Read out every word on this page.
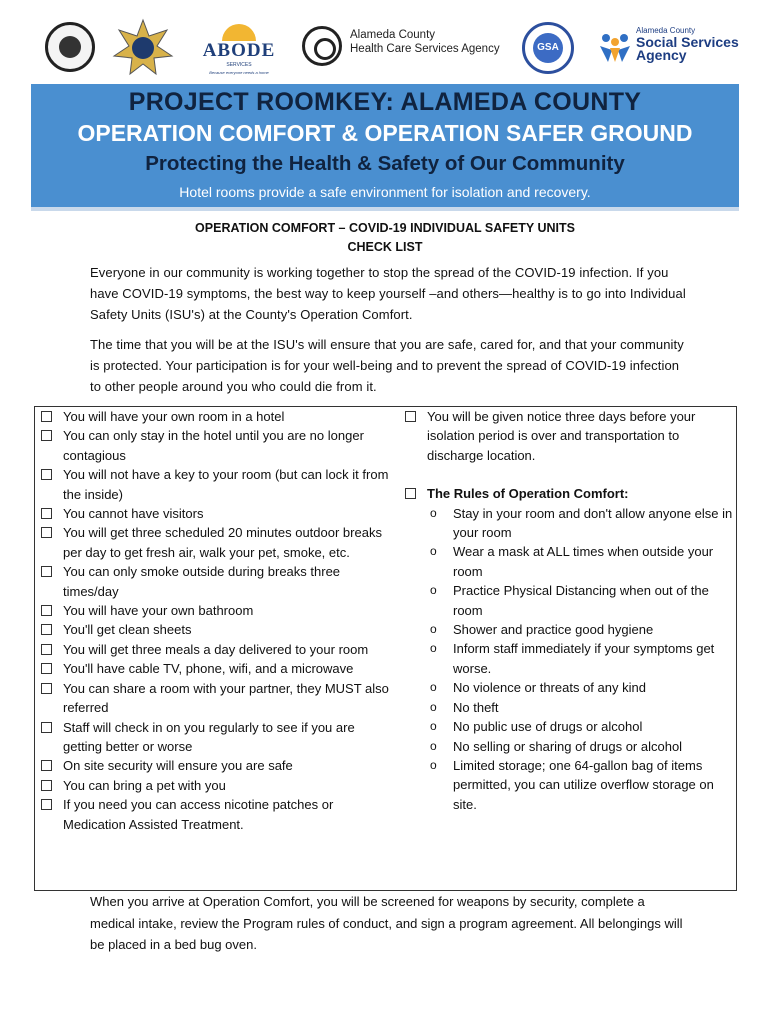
ABODE
SERVICES
Because everyone needs a home
Alameda County
Health Care Services Agency	GSA
Alameda County
Social Services
Agency
PROJECT ROOMKEY: ALAMEDA COUNTY
OPERATION COMFORT & OPERATION SAFER GROUND
Protecting the Health & Safety of Our Community
Hotel rooms provide a safe environment for isolation and recovery.
OPERATION COMFORT – COVID-19 INDIVIDUAL SAFETY UNITS
CHECK LIST
Everyone in our community is working together to stop the spread of the COVID-19 infection. If you have COVID-19 symptoms, the best way to keep yourself –and others—healthy is to go into Individual Safety Units (ISU's) at the County's Operation Comfort.
The time that you will be at the ISU's will ensure that you are safe, cared for, and that your community is protected. Your participation is for your well-being and to prevent the spread of COVID-19 infection to other people around you who could die from it.
You will have your own room in a hotel
You can only stay in the hotel until you are no longer contagious
You will not have a key to your room (but can lock it from the inside)
You cannot have visitors
You will get three scheduled 20 minutes outdoor breaks per day to get fresh air, walk your pet, smoke, etc.
You can only smoke outside during breaks three times/day
You will have your own bathroom
You'll get clean sheets
You will get three meals a day delivered to your room
You'll have cable TV, phone, wifi, and a microwave
You can share a room with your partner, they MUST also referred
Staff will check in on you regularly to see if you are getting better or worse
On site security will ensure you are safe
You can bring a pet with you
If you need you can access nicotine patches or Medication Assisted Treatment.
You will be given notice three days before your isolation period is over and transportation to discharge location.
The Rules of Operation Comfort:
o Stay in your room and don't allow anyone else in your room
o Wear a mask at ALL times when outside your room
o Practice Physical Distancing when out of the room
o Shower and practice good hygiene
o Inform staff immediately if your symptoms get worse.
o No violence or threats of any kind
o No theft
o No public use of drugs or alcohol
o No selling or sharing of drugs or alcohol
o Limited storage; one 64-gallon bag of items permitted, you can utilize overflow storage on site.
When you arrive at Operation Comfort, you will be screened for weapons by security, complete a medical intake, review the Program rules of conduct, and sign a program agreement. All belongings will be placed in a bed bug oven.
